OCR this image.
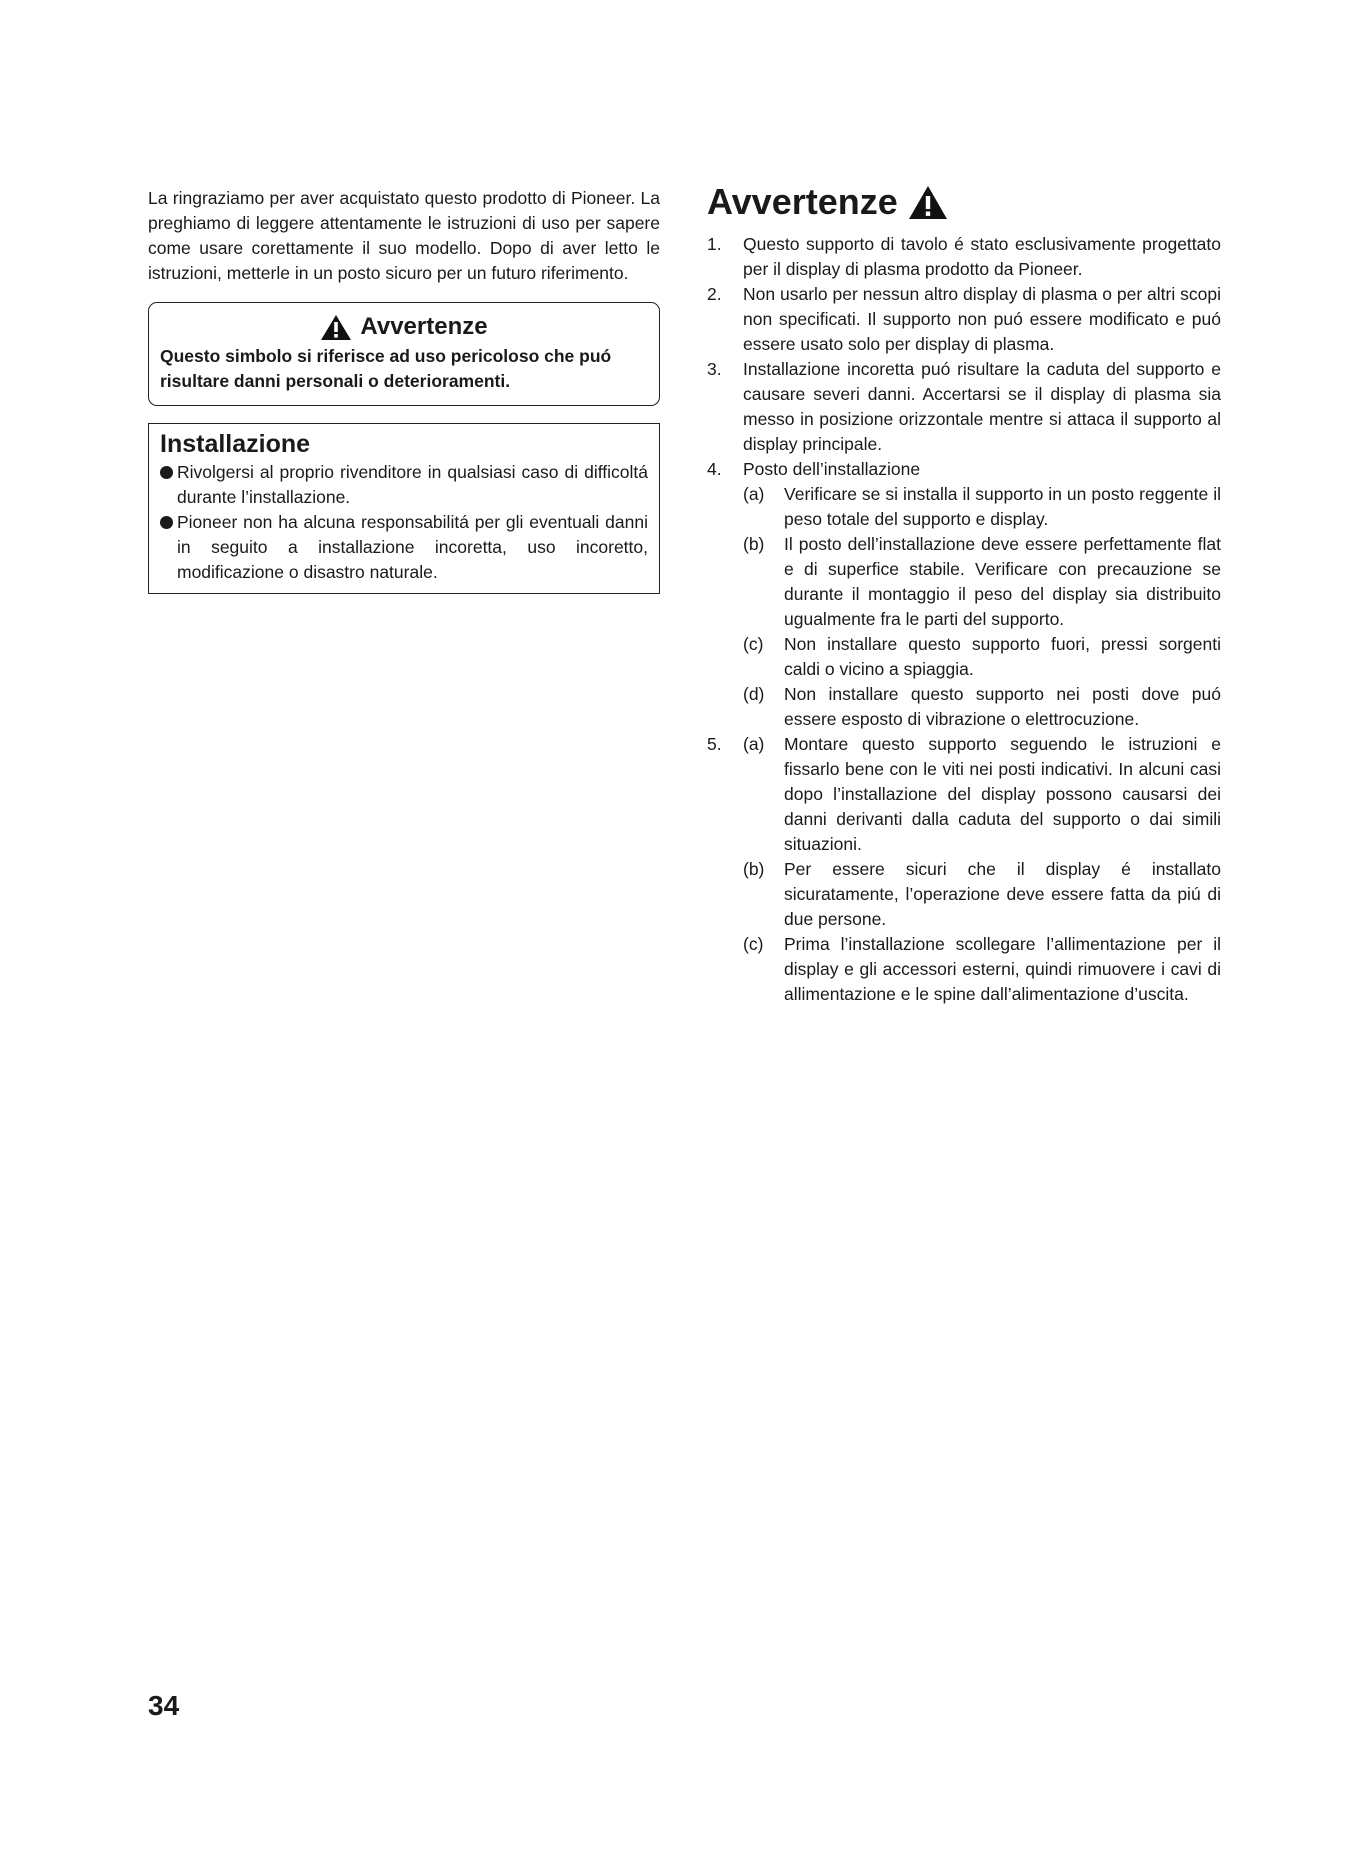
La ringraziamo per aver acquistato questo prodotto di Pioneer. La preghiamo di leggere attentamente le istruzioni di uso per sapere come usare corettamente il suo modello. Dopo di aver letto le istruzioni, metterle in un posto sicuro per un futuro riferimento.

Avvertenze
Questo simbolo si riferisce ad uso pericoloso che puó risultare danni personali o deterioramenti.
Installazione
Rivolgersi al proprio rivenditore in qualsiasi caso di difficoltá durante l’installazione.
Pioneer non ha alcuna responsabilitá per gli eventuali danni in seguito a installazione incoretta, uso incoretto, modificazione o disastro naturale.
Avvertenze
1.	Questo supporto di tavolo é stato esclusivamente progettato per il display di plasma prodotto da Pioneer.
2.	Non usarlo per nessun altro display di plasma o per altri scopi non specificati. Il supporto non puó essere modificato e puó essere usato solo per display di plasma.
3.	Installazione incoretta puó risultare la caduta del supporto e causare severi danni. Accertarsi se il display di plasma sia messo in posizione orizzontale mentre si attaca il supporto al display principale.
4.	Posto dell’installazione
(a)	Verificare se si installa il supporto in un posto reggente il peso totale del supporto e display.
(b)	Il posto dell’installazione deve essere perfettamente flat e di superfice stabile. Verificare con precauzione se durante il montaggio il peso del display sia distribuito ugualmente fra le parti del supporto.
(c)	Non installare questo supporto fuori, pressi sorgenti caldi o vicino a spiaggia.
(d)	Non installare questo supporto nei posti dove puó essere esposto di vibrazione o elettrocuzione.
5.	(a)	Montare questo supporto seguendo le istruzioni e fissarlo bene con le viti nei posti indicativi. In alcuni casi dopo l’installazione del display possono causarsi dei danni derivanti dalla caduta del supporto o dai simili situazioni.
(b)	Per essere sicuri che il display é installato sicuratamente, l’operazione deve essere fatta da piú di due persone.
(c)	Prima l’installazione scollegare l’allimentazione per il display e gli accessori esterni, quindi rimuovere i cavi di allimentazione e le spine dall’alimentazione d’uscita.
34
